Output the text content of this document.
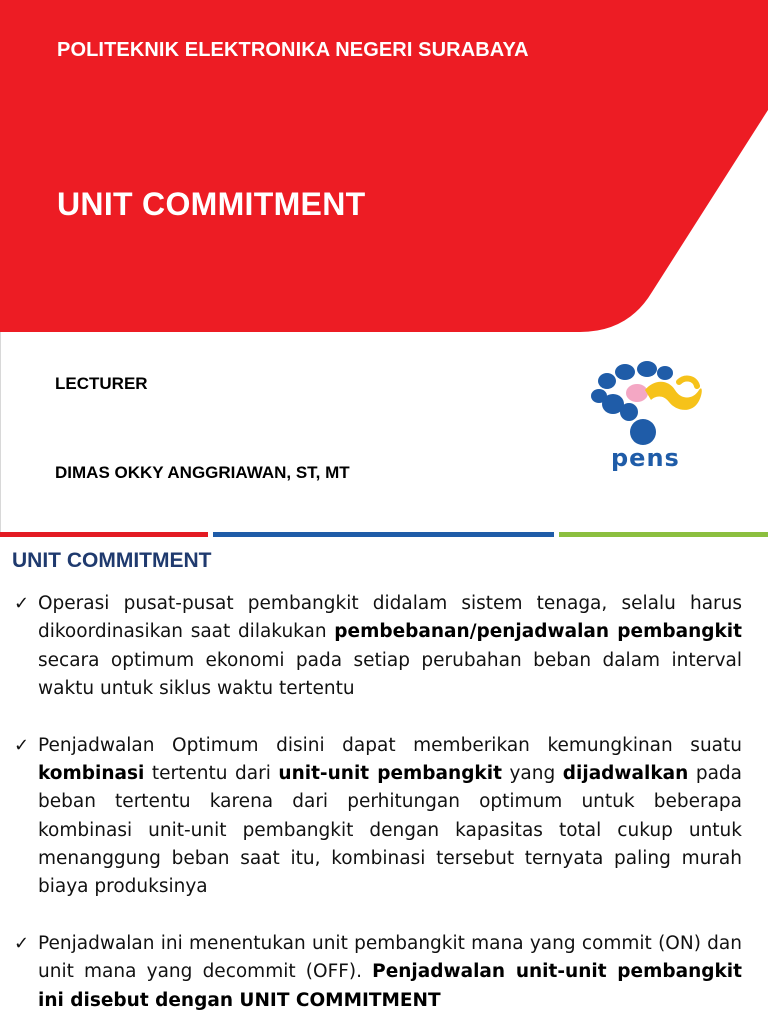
POLITEKNIK ELEKTRONIKA NEGERI SURABAYA
UNIT COMMITMENT
LECTURER
DIMAS OKKY ANGGRIAWAN, ST, MT
pens
UNIT COMMITMENT
✓ Operasi pusat-pusat pembangkit didalam sistem tenaga, selalu harus dikoordinasikan saat dilakukan pembebanan/penjadwalan pembangkit secara optimum ekonomi pada setiap perubahan beban dalam interval waktu untuk siklus waktu tertentu
✓ Penjadwalan Optimum disini dapat memberikan kemungkinan suatu kombinasi tertentu dari unit-unit pembangkit yang dijadwalkan pada beban tertentu karena dari perhitungan optimum untuk beberapa kombinasi unit-unit pembangkit dengan kapasitas total cukup untuk menanggung beban saat itu, kombinasi tersebut ternyata paling murah biaya produksinya
✓ Penjadwalan ini menentukan unit pembangkit mana yang commit (ON) dan unit mana yang decommit (OFF). Penjadwalan unit-unit pembangkit ini disebut dengan UNIT COMMITMENT
